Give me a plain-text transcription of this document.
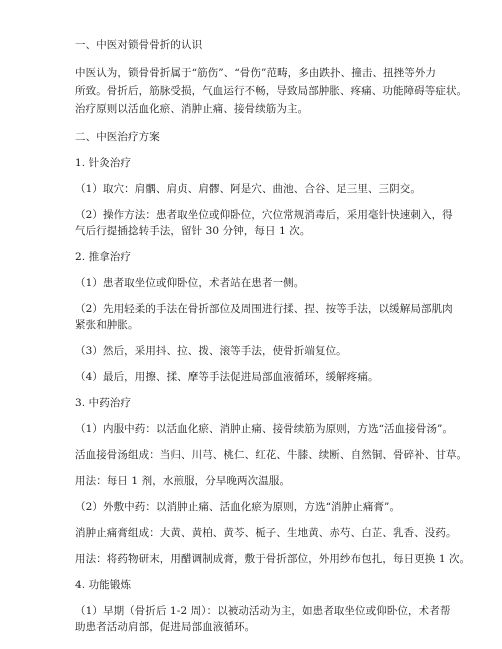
一、中医对锁骨骨折的认识
中医认为，锁骨骨折属于“筋伤”、“骨伤”范畴，多由跌扑、撞击、扭挫等外力
所致。骨折后，筋脉受损，气血运行不畅，导致局部肿胀、疼痛、功能障碍等症状。
治疗原则以活血化瘀、消肿止痛、接骨续筋为主。
二、中医治疗方案
1. 针灸治疗
（1）取穴：肩髃、肩贞、肩髎、阿是穴、曲池、合谷、足三里、三阴交。
（2）操作方法：患者取坐位或仰卧位，穴位常规消毒后，采用毫针快速刺入，得
气后行提插捻转手法，留针 30 分钟，每日 1 次。
2. 推拿治疗
（1）患者取坐位或仰卧位，术者站在患者一侧。
（2）先用轻柔的手法在骨折部位及周围进行揉、捏、按等手法，以缓解局部肌肉
紧张和肿胀。
（3）然后，采用抖、拉、拨、滚等手法，使骨折端复位。
（4）最后，用擦、揉、摩等手法促进局部血液循环，缓解疼痛。
3. 中药治疗
（1）内服中药：以活血化瘀、消肿止痛、接骨续筋为原则，方选“活血接骨汤”。
活血接骨汤组成：当归、川芎、桃仁、红花、牛膝、续断、自然铜、骨碎补、甘草。
用法：每日 1 剂，水煎服，分早晚两次温服。
（2）外敷中药：以消肿止痛、活血化瘀为原则，方选“消肿止痛膏”。
消肿止痛膏组成：大黄、黄柏、黄芩、栀子、生地黄、赤芍、白芷、乳香、没药。
用法：将药物研末，用醋调制成膏，敷于骨折部位，外用纱布包扎，每日更换 1 次。
4. 功能锻炼
（1）早期（骨折后 1-2 周）：以被动活动为主，如患者取坐位或仰卧位，术者帮
助患者活动肩部，促进局部血液循环。
